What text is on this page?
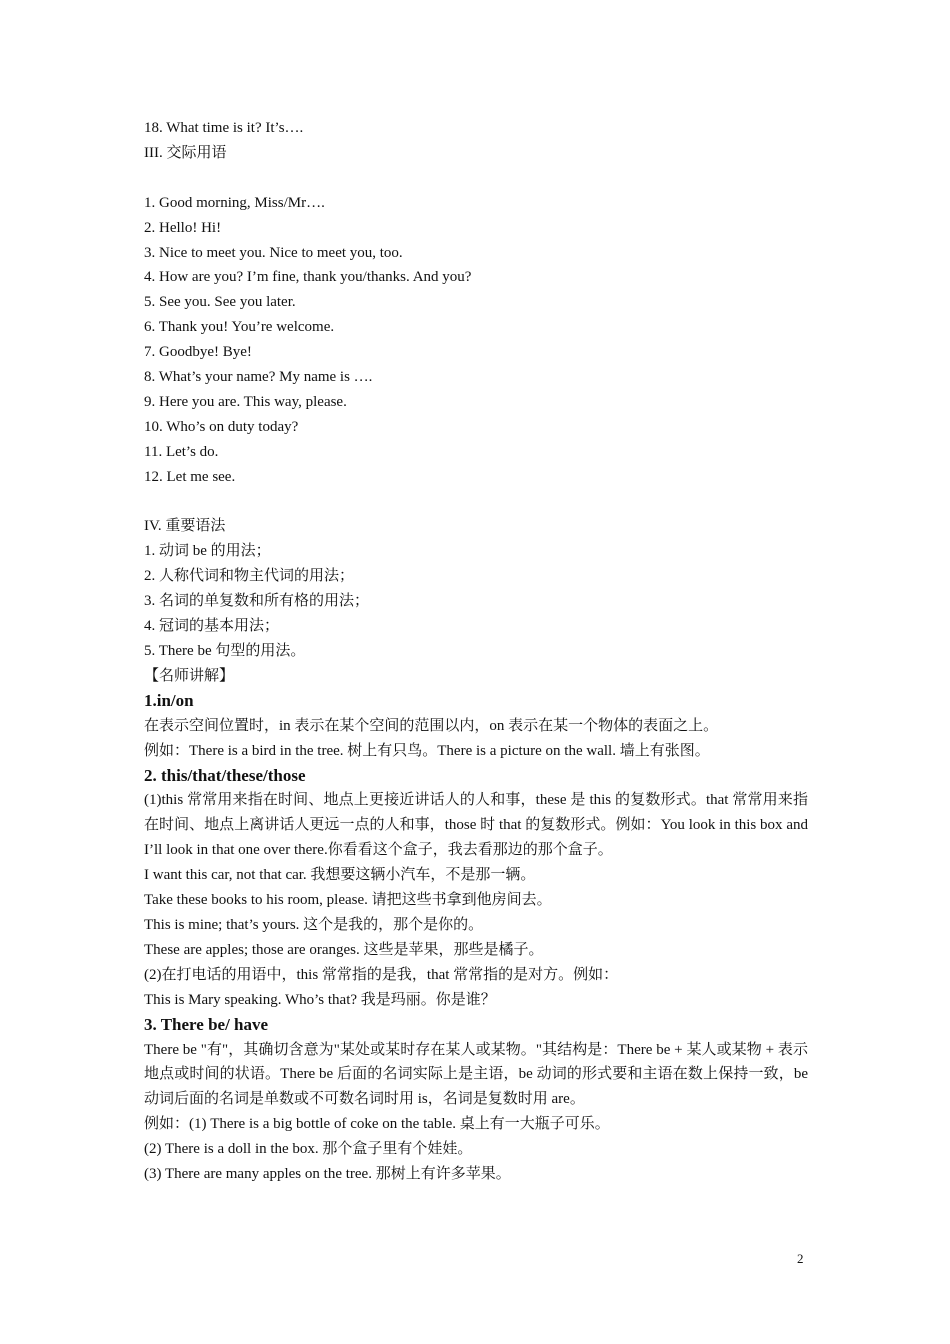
18. What time is it? It’s….

III. 交际用语

1. Good morning, Miss/Mr….

2. Hello! Hi!

3. Nice to meet you. Nice to meet you, too.

4. How are you? I’m fine, thank you/thanks. And you?

5. See you. See you later.

6. Thank you! You’re welcome.

7. Goodbye! Bye!

8. What’s your name? My name is ….

9. Here you are. This way, please.

10. Who’s on duty today?

11. Let’s do.

12. Let me see.

IV. 重要语法

1. 动词 be 的用法；

2. 人称代词和物主代词的用法；

3. 名词的单复数和所有格的用法；

4. 冠词的基本用法；

5. There be 句型的用法。

【名师讲解】

1.in/on

在表示空间位置时，in 表示在某个空间的范围以内，on 表示在某一个物体的表面之上。

例如：There is a bird in the tree. 树上有只鸟。There is a picture on the wall. 墙上有张图。

2. this/that/these/those

(1)this 常常用来指在时间、地点上更接近讲话人的人和事，these 是 this 的复数形式。that 常常用来指在时间、地点上离讲话人更远一点的人和事，those 时 that 的复数形式。例如：You look in this box and I’ll look in that one over there.你看看这个盒子，我去看那边的那个盒子。

I want this car, not that car. 我想要这辆小汽车，不是那一辆。

Take these books to his room, please. 请把这些书拿到他房间去。

This is mine; that’s yours. 这个是我的，那个是你的。

These are apples; those are oranges. 这些是苹果，那些是橘子。

(2)在打电话的用语中，this 常常指的是我，that 常常指的是对方。例如：

This is Mary speaking. Who’s that? 我是玛丽。你是谁？

3. There be/ have

There be "有"，其确切含意为"某处或某时存在某人或某物。"其结构是：There be + 某人或某物 + 表示地点或时间的状语。There be 后面的名词实际上是主语，be 动词的形式要和主语在数上保持一致，be 动词后面的名词是单数或不可数名词时用 is，名词是复数时用 are。

例如：(1) There is a big bottle of coke on the table. 桌上有一大瓶子可乐。

(2) There is a doll in the box. 那个盒子里有个娃娃。

(3) There are many apples on the tree. 那树上有许多苹果。

2
